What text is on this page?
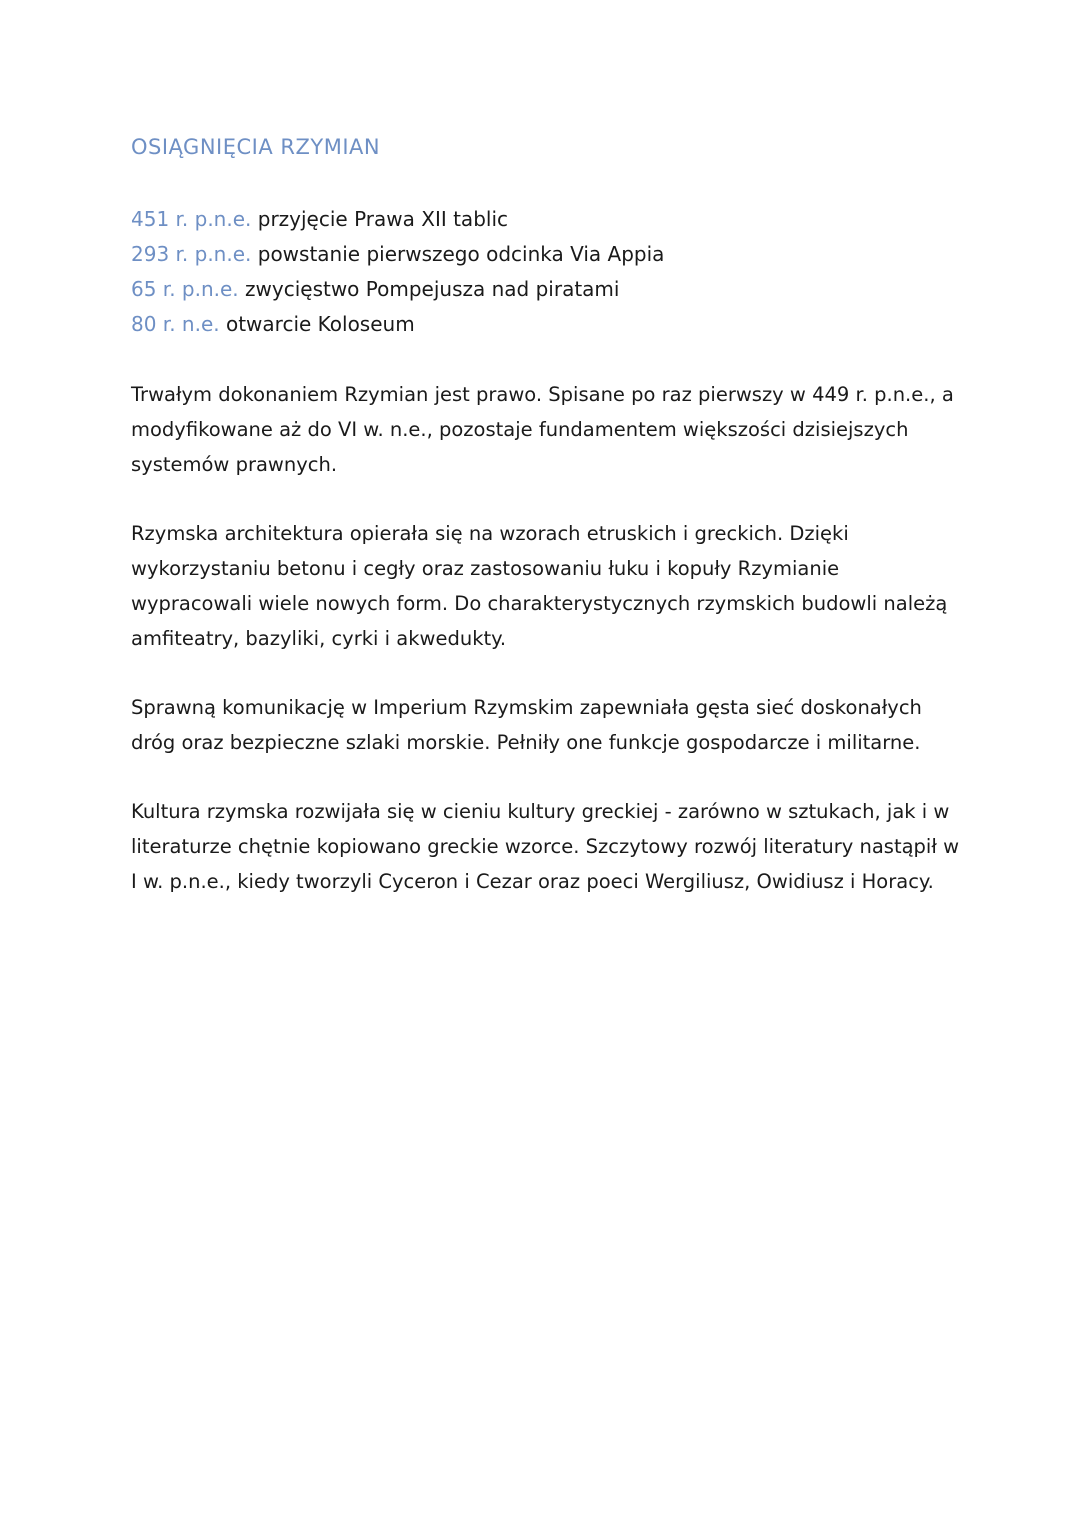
OSIĄGNIĘCIA RZYMIAN
451 r. p.n.e. przyjęcie Prawa XII tablic
293 r. p.n.e. powstanie pierwszego odcinka Via Appia
65 r. p.n.e. zwycięstwo Pompejusza nad piratami
80 r. n.e. otwarcie Koloseum

Trwałym dokonaniem Rzymian jest prawo. Spisane po raz pierwszy w 449 r. p.n.e., a modyfikowane aż do VI w. n.e., pozostaje fundamentem większości dzisiejszych systemów prawnych.

Rzymska architektura opierała się na wzorach etruskich i greckich. Dzięki wykorzystaniu betonu i cegły oraz zastosowaniu łuku i kopuły Rzymianie wypracowali wiele nowych form. Do charakterystycznych rzymskich budowli należą amfiteatry, bazyliki, cyrki i akwedukty.

Sprawną komunikację w Imperium Rzymskim zapewniała gęsta sieć doskonałych dróg oraz bezpieczne szlaki morskie. Pełniły one funkcje gospodarcze i militarne.

Kultura rzymska rozwijała się w cieniu kultury greckiej - zarówno w sztukach, jak i w literaturze chętnie kopiowano greckie wzorce. Szczytowy rozwój literatury nastąpił w I w. p.n.e., kiedy tworzyli Cyceron i Cezar oraz poeci Wergiliusz, Owidiusz i Horacy.
